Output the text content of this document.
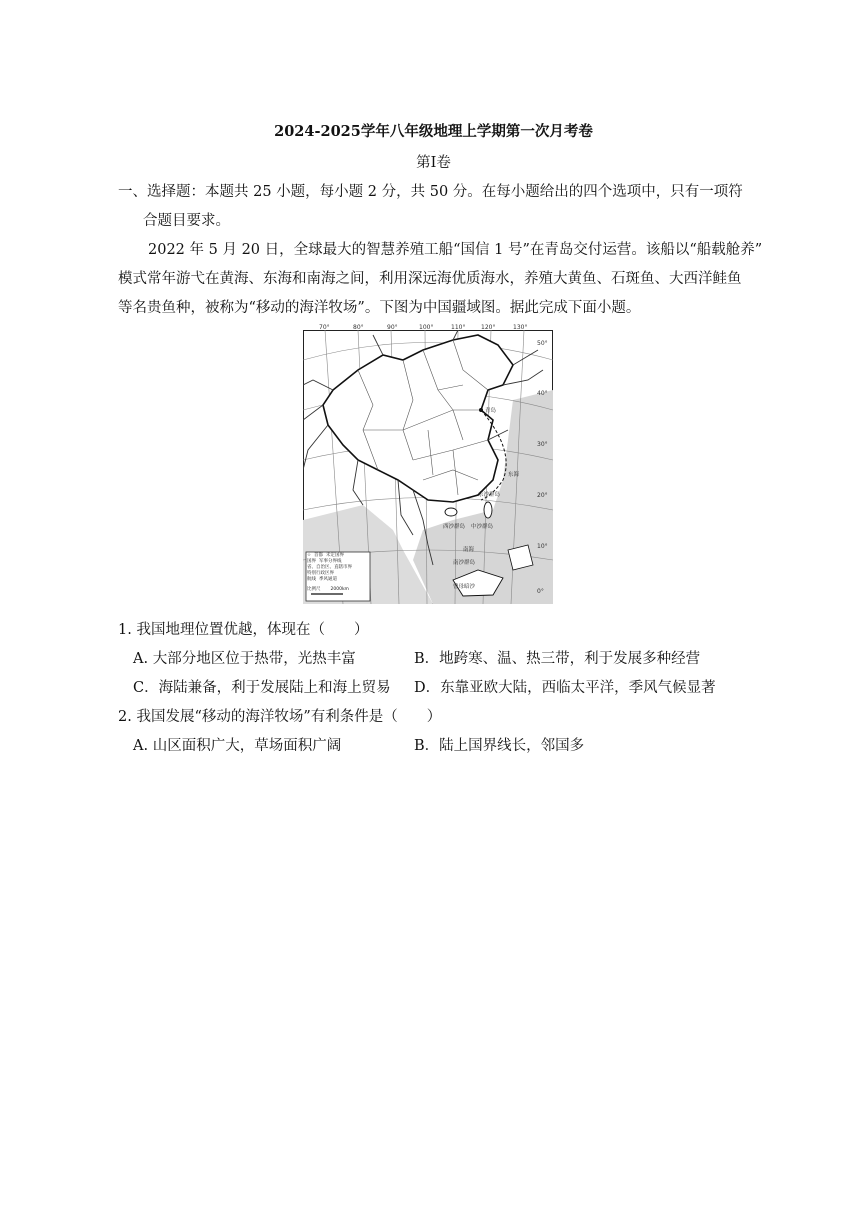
2024-2025学年八年级地理上学期第一次月考卷
第Ⅰ卷
一、选择题：本题共 25 小题，每小题 2 分，共 50 分。在每小题给出的四个选项中，只有一项符
合题目要求。
2022 年 5 月 20 日，全球最大的智慧养殖工船“国信 1 号”在青岛交付运营。该船以“船载舱养”
模式常年游弋在黄海、东海和南海之间，利用深远海优质海水，养殖大黄鱼、石斑鱼、大西洋鲑鱼
等名贵鱼种，被称为“移动的海洋牧场”。下图为中国疆域图。据此完成下面小题。
70°	80°	90°	100°	110°	120°	130°
50°
40°
30°
20°
10°
0°
青岛
东海
南海
东沙群岛
西沙群岛 中沙群岛
南沙群岛
曾母暗沙
☆ 首都 未定国界
国界 军事分界线
省、自治区、直辖市界
特别行政区界
航线 季风通道
比例尺 2000km
1. 我国地理位置优越，体现在（　　）
A. 大部分地区位于热带，光热丰富	B．地跨寒、温、热三带，利于发展多种经营
C．海陆兼备，利于发展陆上和海上贸易 D．东靠亚欧大陆，西临太平洋，季风气候显著
2. 我国发展“移动的海洋牧场”有利条件是（　　）
A. 山区面积广大，草场面积广阔	B．陆上国界线长，邻国多
